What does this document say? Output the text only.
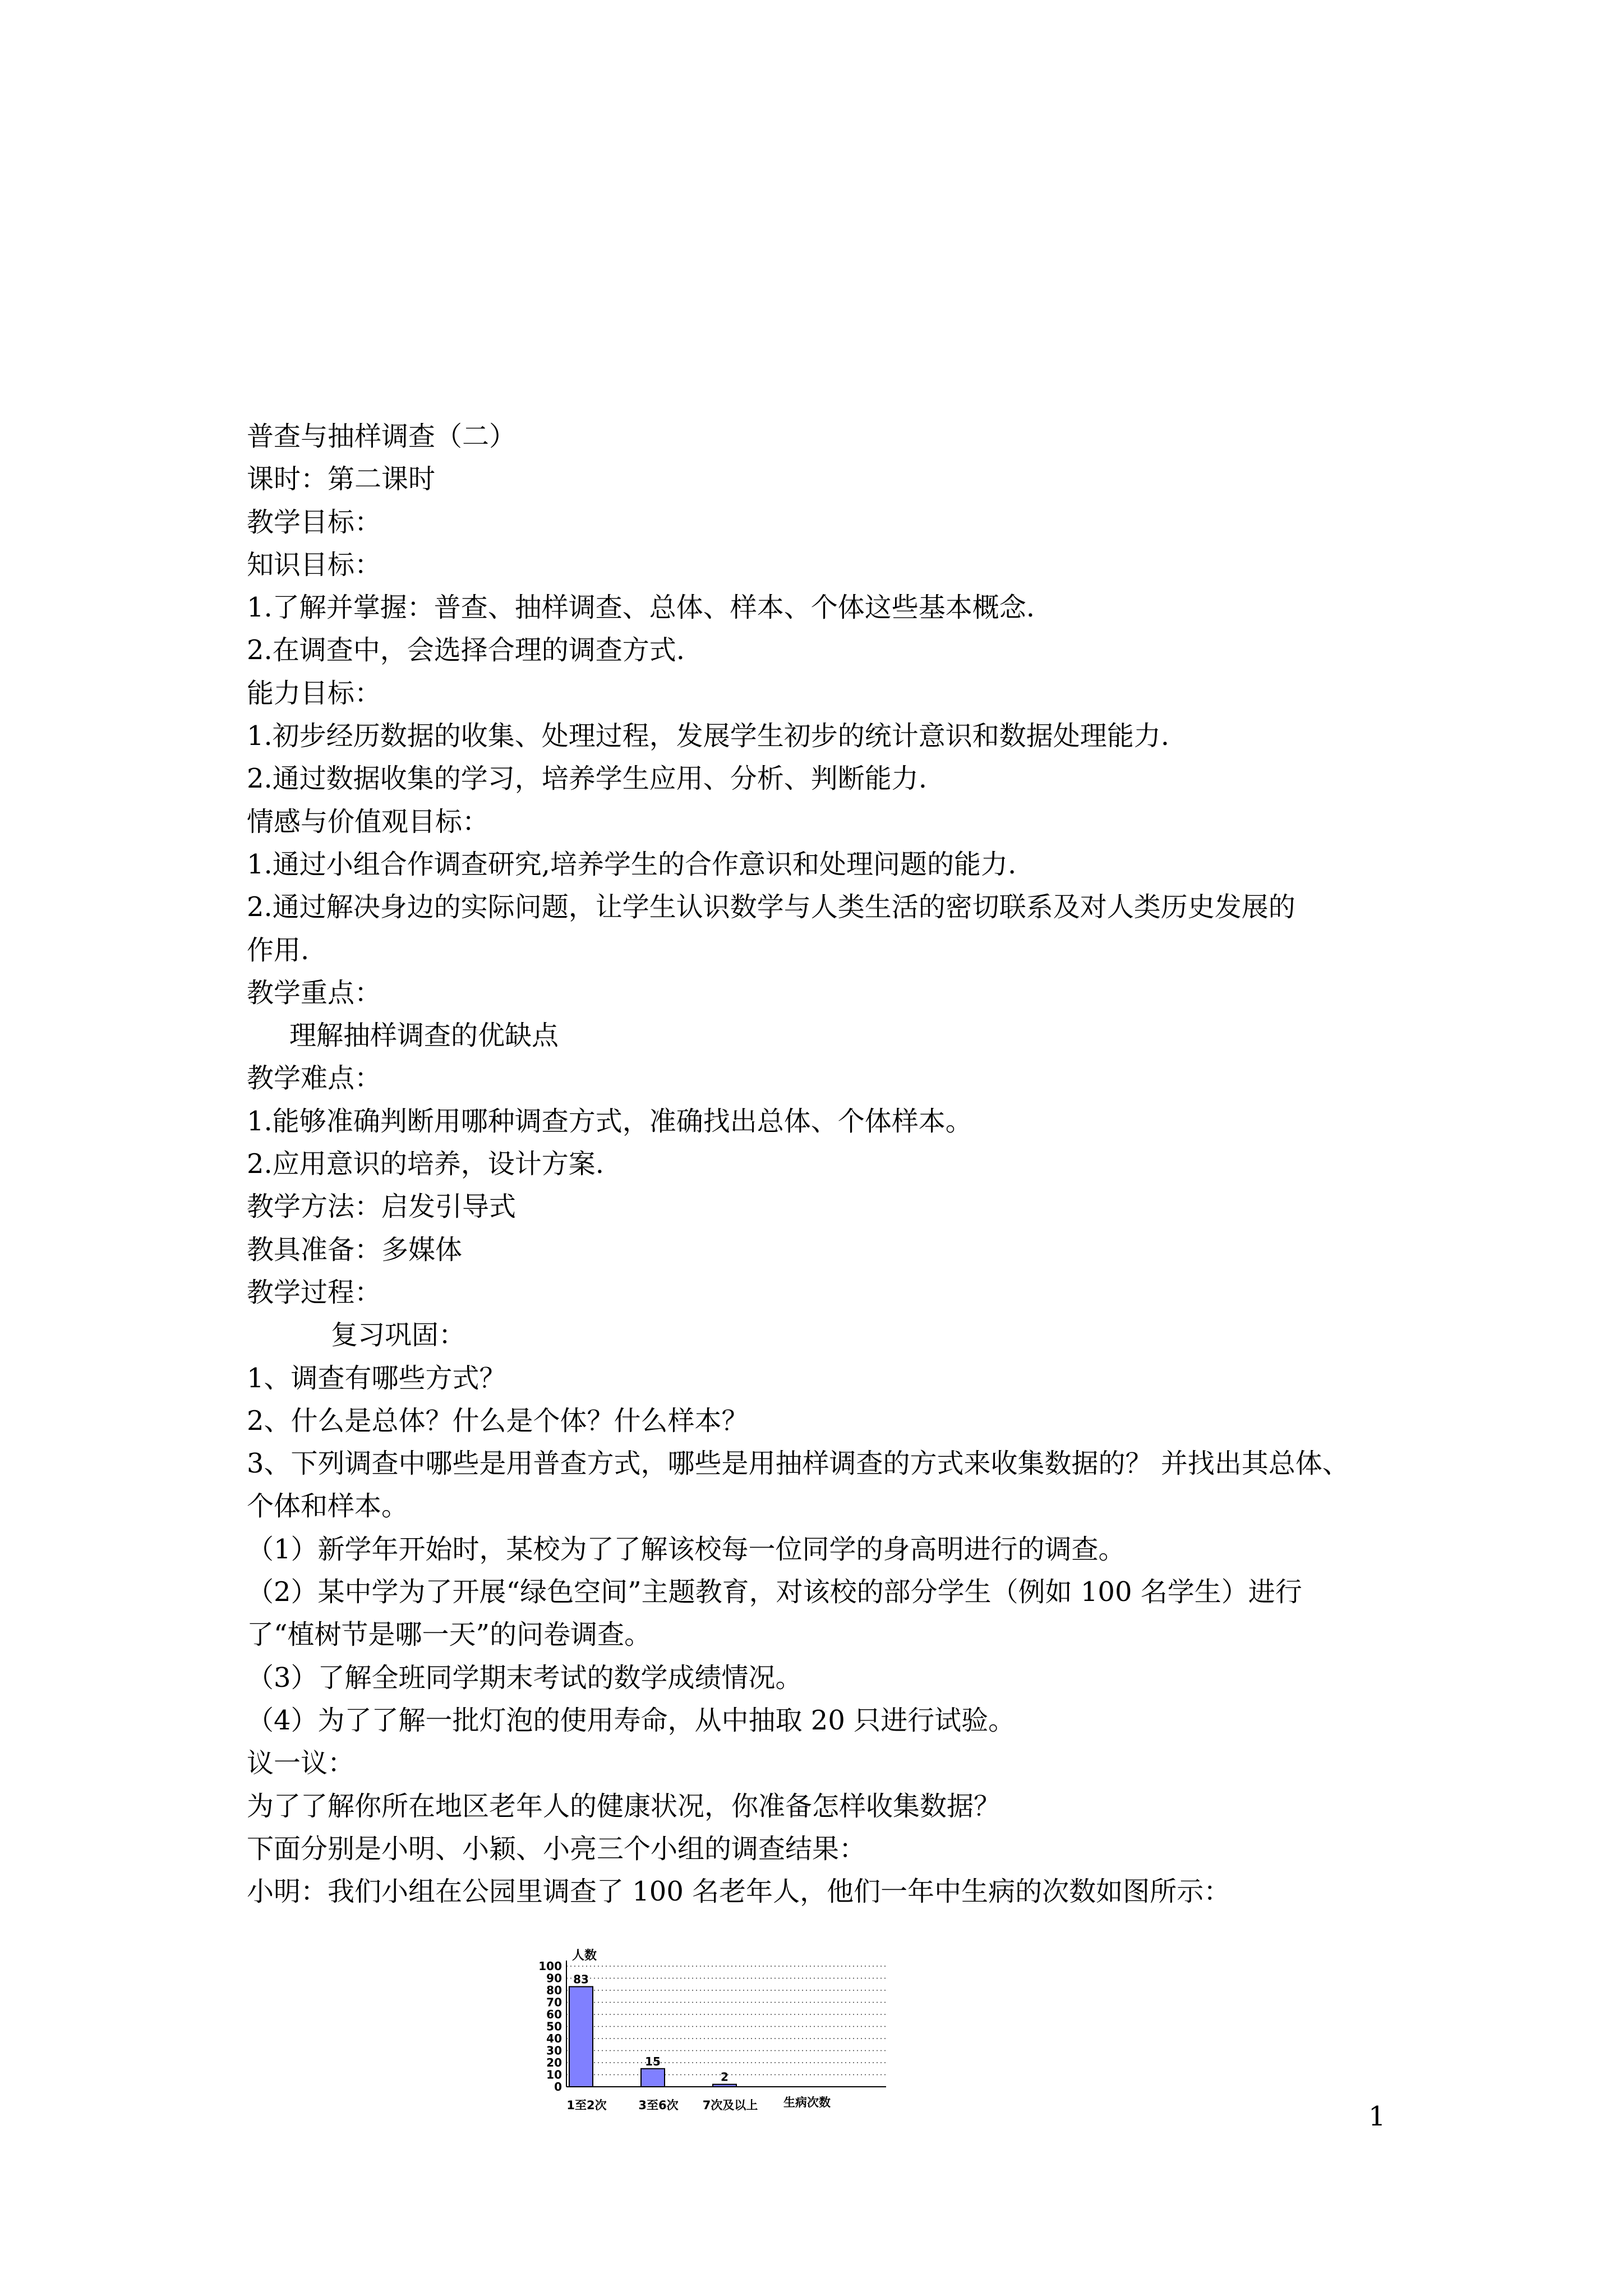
普查与抽样调查（二）
课时：第二课时
教学目标：
知识目标：
1.了解并掌握：普查、抽样调查、总体、样本、个体这些基本概念.
2.在调查中，会选择合理的调查方式.
能力目标：
1.初步经历数据的收集、处理过程，发展学生初步的统计意识和数据处理能力.
2.通过数据收集的学习，培养学生应用、分析、判断能力.
情感与价值观目标：
1.通过小组合作调查研究,培养学生的合作意识和处理问题的能力.
2.通过解决身边的实际问题，让学生认识数学与人类生活的密切联系及对人类历史发展的
作用.
教学重点：
理解抽样调查的优缺点
教学难点：
1.能够准确判断用哪种调查方式，准确找出总体、个体样本。
2.应用意识的培养，设计方案.
教学方法：启发引导式
教具准备：多媒体
教学过程：
复习巩固：
1、调查有哪些方式？
2、什么是总体？什么是个体？什么样本？
3、下列调查中哪些是用普查方式，哪些是用抽样调查的方式来收集数据的？ 并找出其总体、
个体和样本。
（1）新学年开始时，某校为了了解该校每一位同学的身高明进行的调查。
（2）某中学为了开展“绿色空间”主题教育，对该校的部分学生（例如 100 名学生）进行
了“植树节是哪一天”的问卷调查。
（3）了解全班同学期末考试的数学成绩情况。
（4）为了了解一批灯泡的使用寿命，从中抽取 20 只进行试验。
议一议：
为了了解你所在地区老年人的健康状况，你准备怎样收集数据？
下面分别是小明、小颖、小亮三个小组的调查结果：
小明：我们小组在公园里调查了 100 名老年人，他们一年中生病的次数如图所示：
0
10
20
30
40
50
60
70
80
90
100
人数
83
1至2次
15
3至6次
2
7次及以上 生病次数	1
